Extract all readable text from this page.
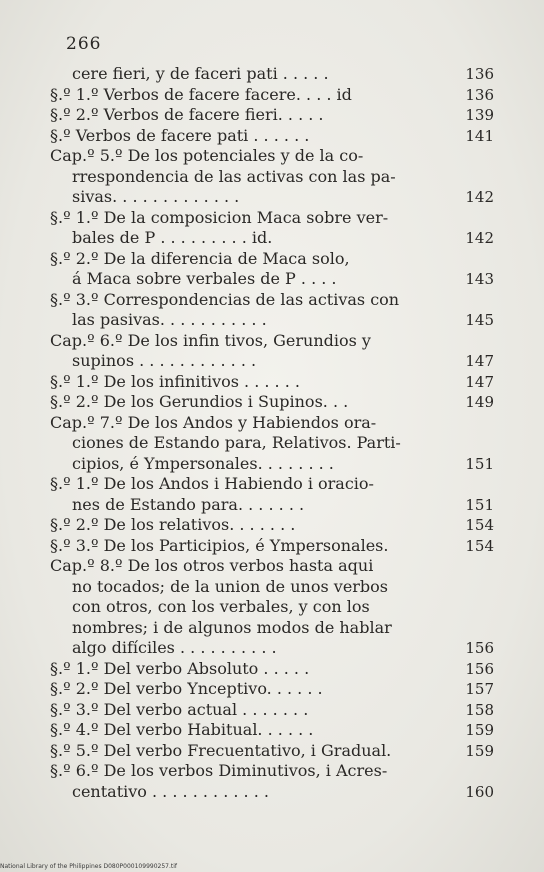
266
cere fieri, y de faceri pati . . . . .	136
§.º 1.º Verbos de facere facere. . . . id	136
§.º 2.º Verbos de facere fieri. . . . .	139
§.º Verbos de facere pati . . . . . .	141
Cap.º 5.º De los potenciales y de la co-
rrespondencia de las activas con las pa-
sivas. . . . . . . . . . . . .	142
§.º 1.º De la composicion Maca sobre ver-
bales de P . . . . . . . . . id.	142
§.º 2.º De la diferencia de Maca solo,
á Maca sobre verbales de P . . . .	143
§.º 3.º Correspondencias de las activas con
las pasivas. . . . . . . . . . .	145
Cap.º 6.º De los infin tivos, Gerundios y
supinos . . . . . . . . . . . .	147
§.º 1.º De los infinitivos . . . . . .	147
§.º 2.º De los Gerundios i Supinos. . .	149
Cap.º 7.º De los Andos y Habiendos ora-
ciones de Estando para, Relativos. Parti-
cipios, é Ympersonales. . . . . . . .	151
§.º 1.º De los Andos i Habiendo i oracio-
nes de Estando para. . . . . . .	151
§.º 2.º De los relativos. . . . . . .	154
§.º 3.º De los Participios, é Ympersonales.	154
Cap.º 8.º De los otros verbos hasta aqui
no tocados; de la union de unos verbos
con otros, con los verbales, y con los
nombres; i de algunos modos de hablar
algo difíciles . . . . . . . . . .	156
§.º 1.º Del verbo Absoluto . . . . .	156
§.º 2.º Del verbo Ynceptivo. . . . . .	157
§.º 3.º Del verbo actual . . . . . . .	158
§.º 4.º Del verbo Habitual. . . . . .	159
§.º 5.º Del verbo Frecuentativo, i Gradual.	159
§.º 6.º De los verbos Diminutivos, i Acres-
centativo . . . . . . . . . . . .	160
National Library of the Philippines D080P000109990257.tif
